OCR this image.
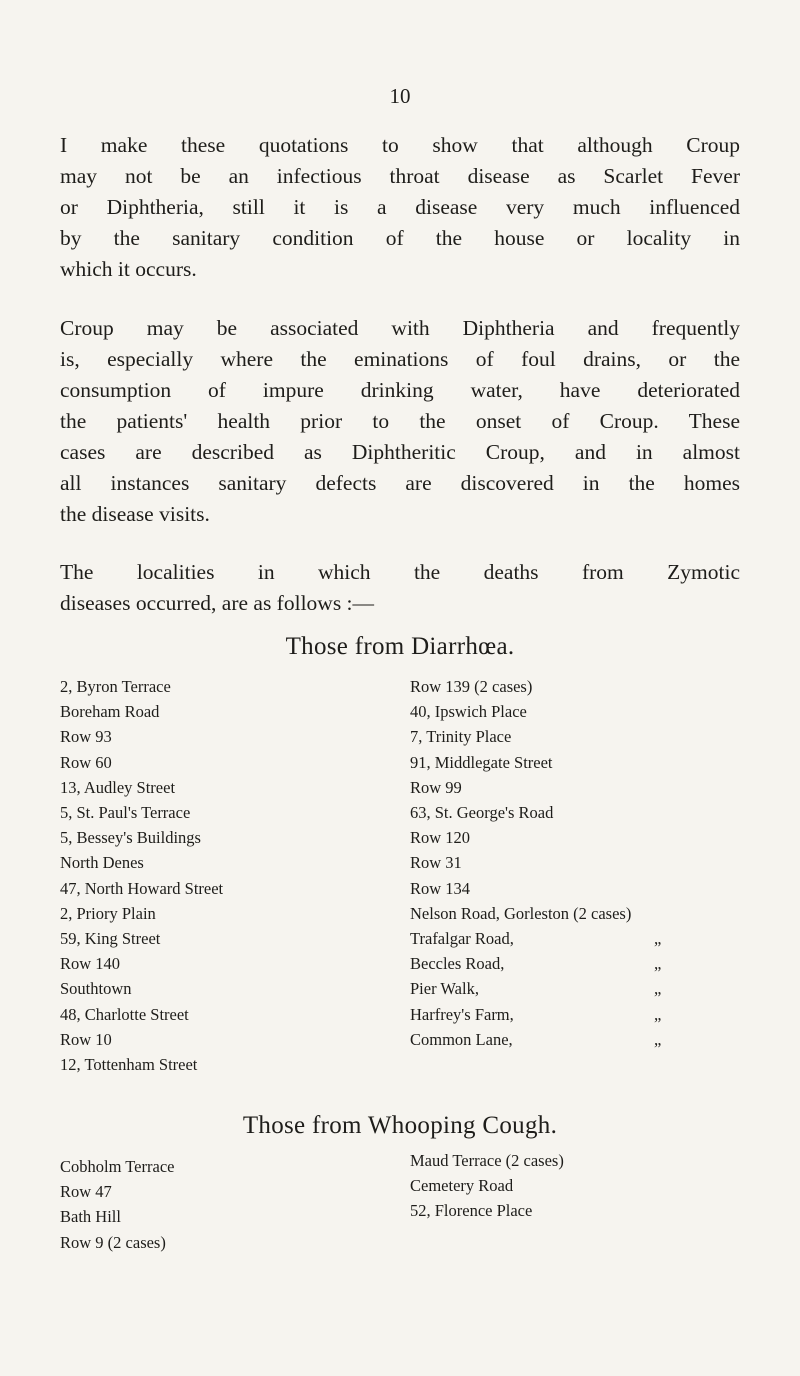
10
I make these quotations to show that although Croup
may not be an infectious throat disease as Scarlet Fever
or Diphtheria, still it is a disease very much influenced
by the sanitary condition of the house or locality in
which it occurs.
Croup may be associated with Diphtheria and frequently
is, especially where the eminations of foul drains, or the
consumption of impure drinking water, have deteriorated
the patients' health prior to the onset of Croup. These
cases are described as Diphtheritic Croup, and in almost
all instances sanitary defects are discovered in the homes
the disease visits.
The localities in which the deaths from Zymotic
diseases occurred, are as follows :—
Those from Diarrhœa.
2, Byron Terrace
Boreham Road
Row 93
Row 60
13, Audley Street
5, St. Paul's Terrace
5, Bessey's Buildings
North Denes
47, North Howard Street
2, Priory Plain
59, King Street
Row 140
Southtown
48, Charlotte Street
Row 10
12, Tottenham Street
Row 139 (2 cases)
40, Ipswich Place
7, Trinity Place
91, Middlegate Street
Row 99
63, St. George's Road
Row 120
Row 31
Row 134
Nelson Road, Gorleston (2 cases)
Trafalgar Road,	„
Beccles Road,	„
Pier Walk,	„
Harfrey's Farm,	„
Common Lane,	„
Those from Whooping Cough.
Cobholm Terrace
Row 47
Bath Hill
Row 9 (2 cases)
Maud Terrace (2 cases)
Cemetery Road
52, Florence Place
